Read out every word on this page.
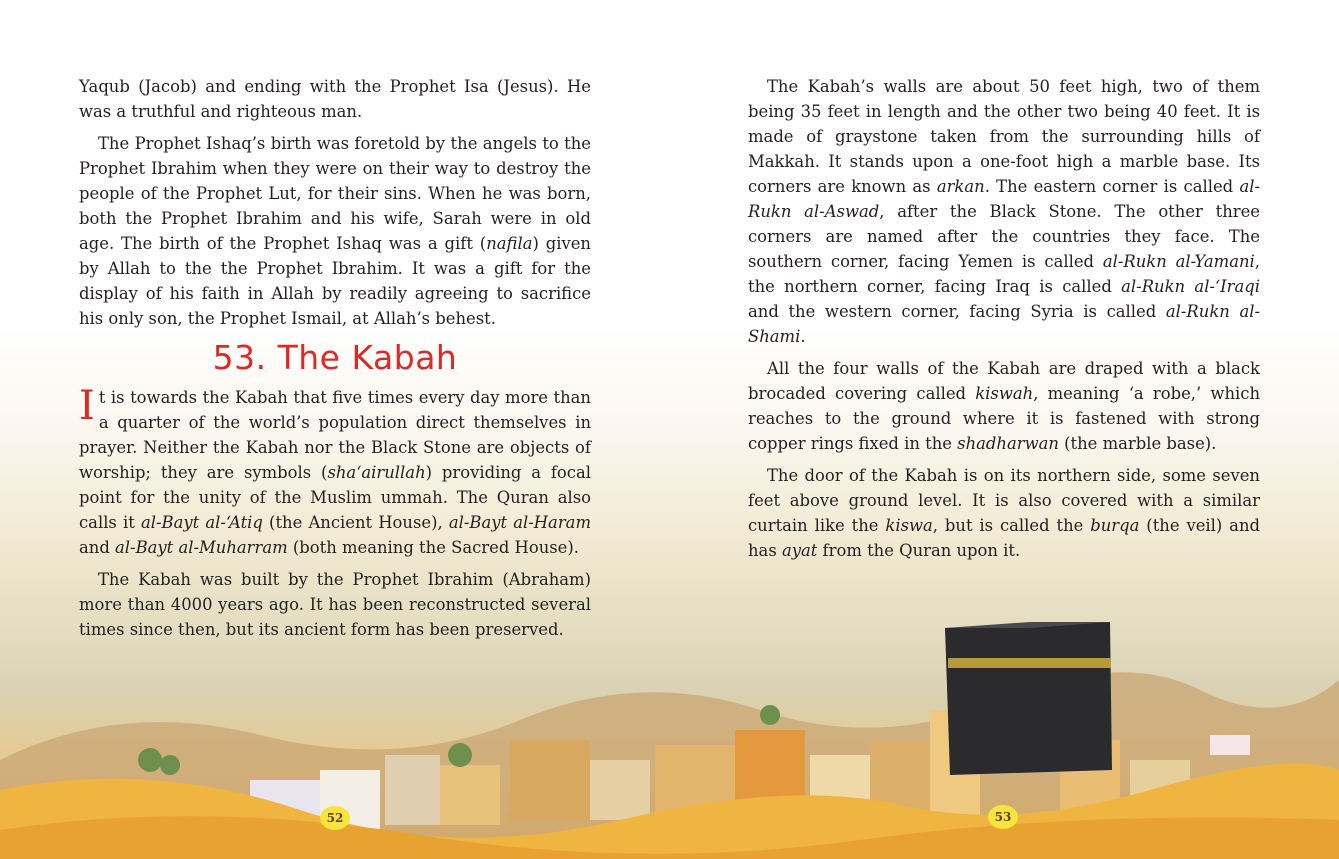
Yaqub (Jacob) and ending with the Prophet Isa (Jesus). He was a truthful and righteous man.

The Prophet Ishaq’s birth was foretold by the angels to the Prophet Ibrahim when they were on their way to destroy the people of the Prophet Lut, for their sins. When he was born, both the Prophet Ibrahim and his wife, Sarah were in old age. The birth of the Prophet Ishaq was a gift (nafila) given by Allah to the the Prophet Ibrahim. It was a gift for the display of his faith in Allah by readily agreeing to sacrifice his only son, the Prophet Ismail, at Allah’s behest.

53. The Kabah

It is towards the Kabah that five times every day more than a quarter of the world’s population direct themselves in prayer. Neither the Kabah nor the Black Stone are objects of worship; they are symbols (sha‘airullah) providing a focal point for the unity of the Muslim ummah. The Quran also calls it al-Bayt al-‘Atiq (the Ancient House), al-Bayt al-Haram and al-Bayt al-Muharram (both meaning the Sacred House).

The Kabah was built by the Prophet Ibrahim (Abraham) more than 4000 years ago. It has been reconstructed several times since then, but its ancient form has been preserved.

The Kabah’s walls are about 50 feet high, two of them being 35 feet in length and the other two being 40 feet. It is made of graystone taken from the surrounding hills of Makkah. It stands upon a one-foot high a marble base. Its corners are known as arkan. The eastern corner is called al-Rukn al-Aswad, after the Black Stone. The other three corners are named after the countries they face. The southern corner, facing Yemen is called al-Rukn al-Yamani, the northern corner, facing Iraq is called al-Rukn al-‘Iraqi and the western corner, facing Syria is called al-Rukn al-Shami.

All the four walls of the Kabah are draped with a black brocaded covering called kiswah, meaning ‘a robe,’ which reaches to the ground where it is fastened with strong copper rings fixed in the shadharwan (the marble base).

The door of the Kabah is on its northern side, some seven feet above ground level. It is also covered with a similar curtain like the kiswa, but is called the burqa (the veil) and has ayat from the Quran upon it.

52	53
